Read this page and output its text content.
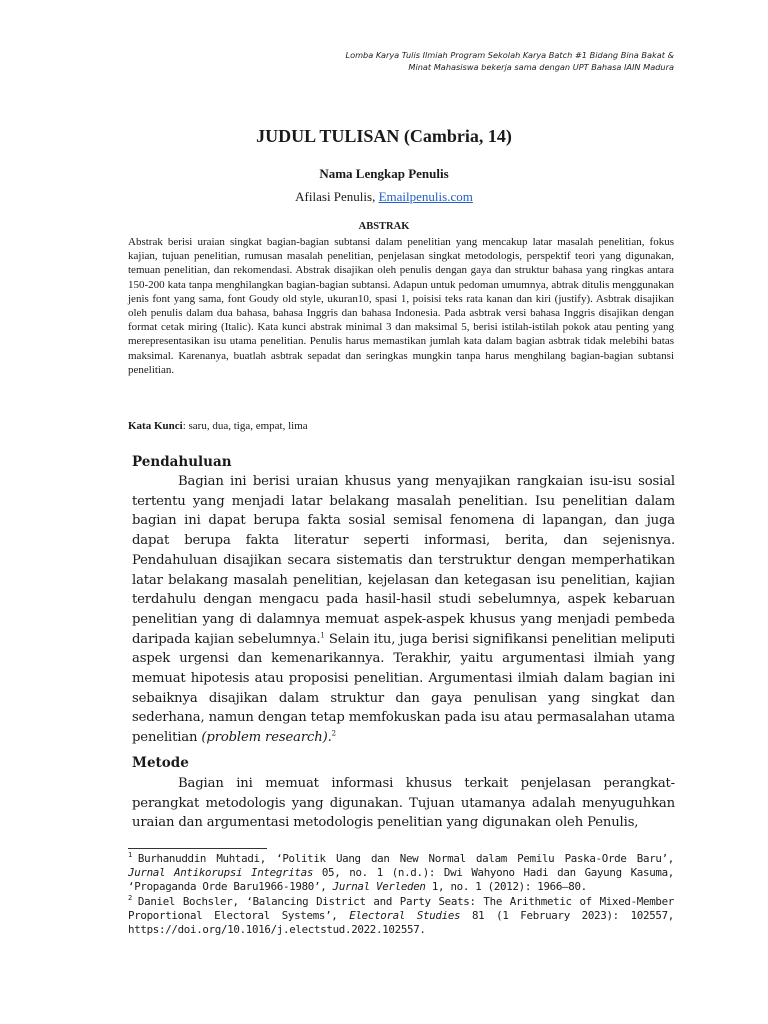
Lomba Karya Tulis Ilmiah Program Sekolah Karya Batch #1 Bidang Bina Bakat &
Minat Mahasiswa bekerja sama dengan UPT Bahasa IAIN Madura
JUDUL TULISAN (Cambria, 14)
Nama Lengkap Penulis
Afilasi Penulis, Emailpenulis.com
ABSTRAK
Abstrak berisi uraian singkat bagian-bagian subtansi dalam penelitian yang mencakup latar masalah penelitian, fokus kajian, tujuan penelitian, rumusan masalah penelitian, penjelasan singkat metodologis, perspektif teori yang digunakan, temuan penelitian, dan rekomendasi. Abstrak disajikan oleh penulis dengan gaya dan struktur bahasa yang ringkas antara 150-200 kata tanpa menghilangkan bagian-bagian subtansi. Adapun untuk pedoman umumnya, abtrak ditulis menggunakan jenis font yang sama, font Goudy old style, ukuran10, spasi 1, poisisi teks rata kanan dan kiri (justify). Asbtrak disajikan oleh penulis dalam dua bahasa, bahasa Inggris dan bahasa Indonesia. Pada asbtrak versi bahasa Inggris disajikan dengan format cetak miring (Italic). Kata kunci abstrak minimal 3 dan maksimal 5, berisi istilah-istilah pokok atau penting yang merepresentasikan isu utama penelitian. Penulis harus memastikan jumlah kata dalam bagian asbtrak tidak melebihi batas maksimal. Karenanya, buatlah asbtrak sepadat dan seringkas mungkin tanpa harus menghilang bagian-bagian subtansi penelitian.
Kata Kunci: saru, dua, tiga, empat, lima
Pendahuluan

Bagian ini berisi uraian khusus yang menyajikan rangkaian isu-isu sosial tertentu yang menjadi latar belakang masalah penelitian. Isu penelitian dalam bagian ini dapat berupa fakta sosial semisal fenomena di lapangan, dan juga dapat berupa fakta literatur seperti informasi, berita, dan sejenisnya. Pendahuluan disajikan secara sistematis dan terstruktur dengan memperhatikan latar belakang masalah penelitian, kejelasan dan ketegasan isu penelitian, kajian terdahulu dengan mengacu pada hasil-hasil studi sebelumnya, aspek kebaruan penelitian yang di dalamnya memuat aspek-aspek khusus yang menjadi pembeda daripada kajian sebelumnya.$^1$ Selain itu, juga berisi signifikansi penelitian meliputi aspek urgensi dan kemenarikannya. Terakhir, yaitu argumentasi ilmiah yang memuat hipotesis atau proposisi penelitian. Argumentasi ilmiah dalam bagian ini sebaiknya disajikan dalam struktur dan gaya penulisan yang singkat dan sederhana, namun dengan tetap memfokuskan pada isu atau permasalahan utama penelitian (problem research).$^2$

Metode

Bagian ini memuat informasi khusus terkait penjelasan perangkat-perangkat metodologis yang digunakan. Tujuan utamanya adalah menyuguhkan uraian dan argumentasi metodologis penelitian yang digunakan oleh Penulis,

$^1$ Burhanuddin Muhtadi, ‘Politik Uang dan New Normal dalam Pemilu Paska-Orde Baru’, Jurnal Antikorupsi Integritas 05, no. 1 (n.d.): Dwi Wahyono Hadi dan Gayung Kasuma, ‘Propaganda Orde Baru1966-1980’, Jurnal Verleden 1, no. 1 (2012): 1966–80.

$^2$ Daniel Bochsler, ‘Balancing District and Party Seats: The Arithmetic of Mixed-Member Proportional Electoral Systems’, Electoral Studies 81 (1 February 2023): 102557, https://doi.org/10.1016/j.electstud.2022.102557.
